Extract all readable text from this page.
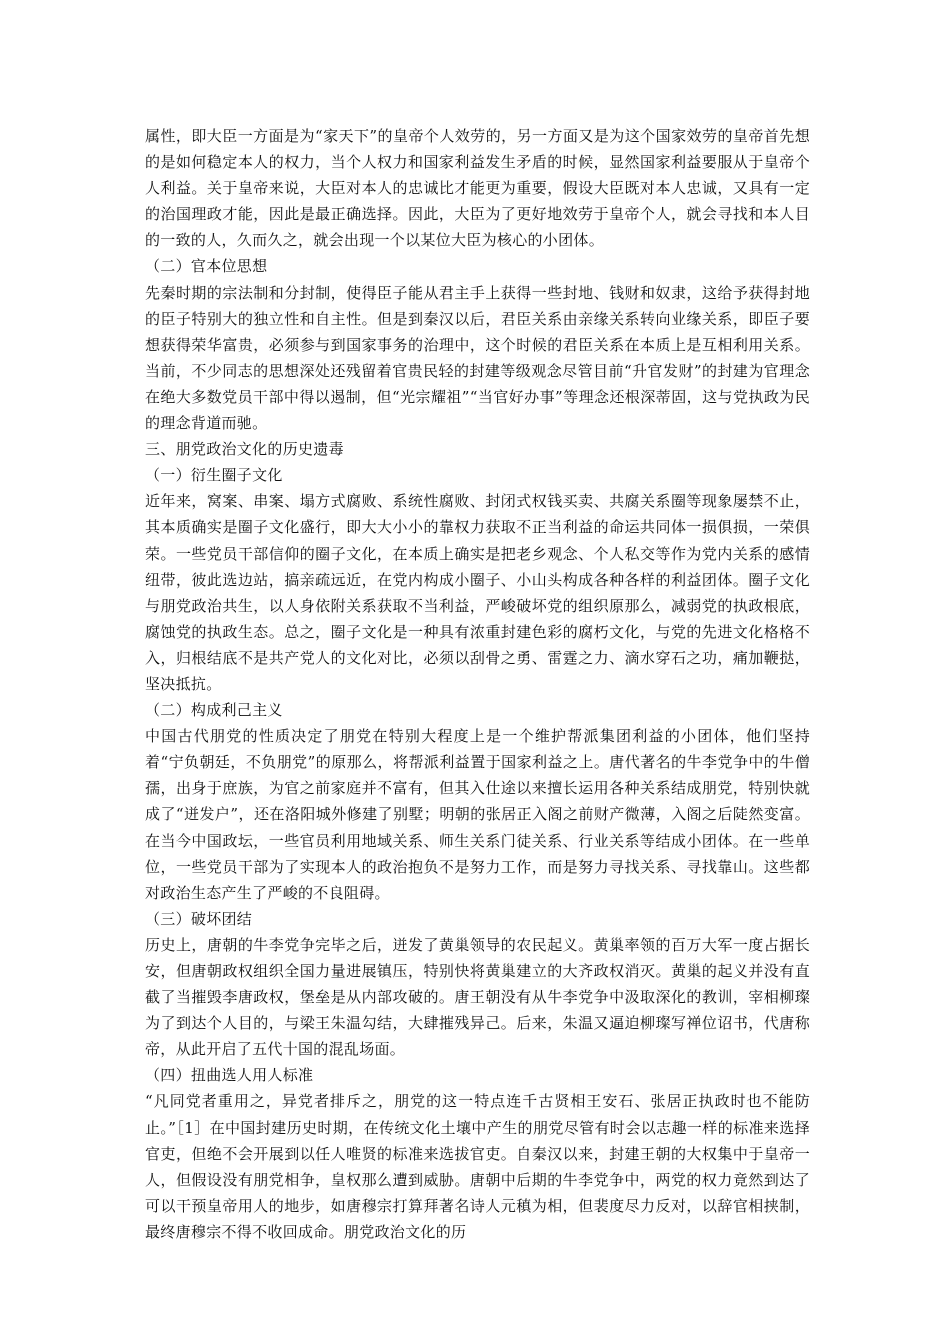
属性，即大臣一方面是为“家天下”的皇帝个人效劳的，另一方面又是为这个国家效劳的皇帝首先想的是如何稳定本人的权力，当个人权力和国家利益发生矛盾的时候，显然国家利益要服从于皇帝个人利益。关于皇帝来说，大臣对本人的忠诚比才能更为重要，假设大臣既对本人忠诚，又具有一定的治国理政才能，因此是最正确选择。因此，大臣为了更好地效劳于皇帝个人，就会寻找和本人目的一致的人，久而久之，就会出现一个以某位大臣为核心的小团体。

（二）官本位思想

先秦时期的宗法制和分封制，使得臣子能从君主手上获得一些封地、钱财和奴隶，这给予获得封地的臣子特别大的独立性和自主性。但是到秦汉以后，君臣关系由亲缘关系转向业缘关系，即臣子要想获得荣华富贵，必须参与到国家事务的治理中，这个时候的君臣关系在本质上是互相利用关系。当前，不少同志的思想深处还残留着官贵民轻的封建等级观念尽管目前“升官发财”的封建为官理念在绝大多数党员干部中得以遏制，但“光宗耀祖”“当官好办事”等理念还根深蒂固，这与党执政为民的理念背道而驰。

三、朋党政治文化的历史遗毒

（一）衍生圈子文化

近年来，窝案、串案、塌方式腐败、系统性腐败、封闭式权钱买卖、共腐关系圈等现象屡禁不止，其本质确实是圈子文化盛行，即大大小小的靠权力获取不正当利益的命运共同体一损俱损，一荣俱荣。一些党员干部信仰的圈子文化，在本质上确实是把老乡观念、个人私交等作为党内关系的感情纽带，彼此选边站，搞亲疏远近，在党内构成小圈子、小山头构成各种各样的利益团体。圈子文化与朋党政治共生，以人身依附关系获取不当利益，严峻破坏党的组织原那么，减弱党的执政根底，腐蚀党的执政生态。总之，圈子文化是一种具有浓重封建色彩的腐朽文化，与党的先进文化格格不入，归根结底不是共产党人的文化对比，必须以刮骨之勇、雷霆之力、滴水穿石之功，痛加鞭挞，坚决抵抗。

（二）构成利己主义

中国古代朋党的性质决定了朋党在特别大程度上是一个维护帮派集团利益的小团体，他们坚持着“宁负朝廷，不负朋党”的原那么，将帮派利益置于国家利益之上。唐代著名的牛李党争中的牛僧孺，出身于庶族，为官之前家庭并不富有，但其入仕途以来擅长运用各种关系结成朋党，特别快就成了“迸发户”，还在洛阳城外修建了别墅；明朝的张居正入阁之前财产微薄，入阁之后陡然变富。在当今中国政坛，一些官员利用地域关系、师生关系门徒关系、行业关系等结成小团体。在一些单位，一些党员干部为了实现本人的政治抱负不是努力工作，而是努力寻找关系、寻找靠山。这些都对政治生态产生了严峻的不良阻碍。

（三）破坏团结

历史上，唐朝的牛李党争完毕之后，迸发了黄巢领导的农民起义。黄巢率领的百万大军一度占据长安，但唐朝政权组织全国力量进展镇压，特别快将黄巢建立的大齐政权消灭。黄巢的起义并没有直截了当摧毁李唐政权，堡垒是从内部攻破的。唐王朝没有从牛李党争中汲取深化的教训，宰相柳璨为了到达个人目的，与梁王朱温勾结，大肆摧残异己。后来，朱温又逼迫柳璨写禅位诏书，代唐称帝，从此开启了五代十国的混乱场面。

（四）扭曲选人用人标准

“凡同党者重用之，异党者排斥之，朋党的这一特点连千古贤相王安石、张居正执政时也不能防止。”［1］在中国封建历史时期，在传统文化土壤中产生的朋党尽管有时会以志趣一样的标准来选择官吏，但绝不会开展到以任人唯贤的标准来选拔官吏。自秦汉以来，封建王朝的大权集中于皇帝一人，但假设没有朋党相争，皇权那么遭到威胁。唐朝中后期的牛李党争中，两党的权力竟然到达了可以干预皇帝用人的地步，如唐穆宗打算拜著名诗人元稹为相，但裴度尽力反对，以辞官相挟制，最终唐穆宗不得不收回成命。朋党政治文化的历
